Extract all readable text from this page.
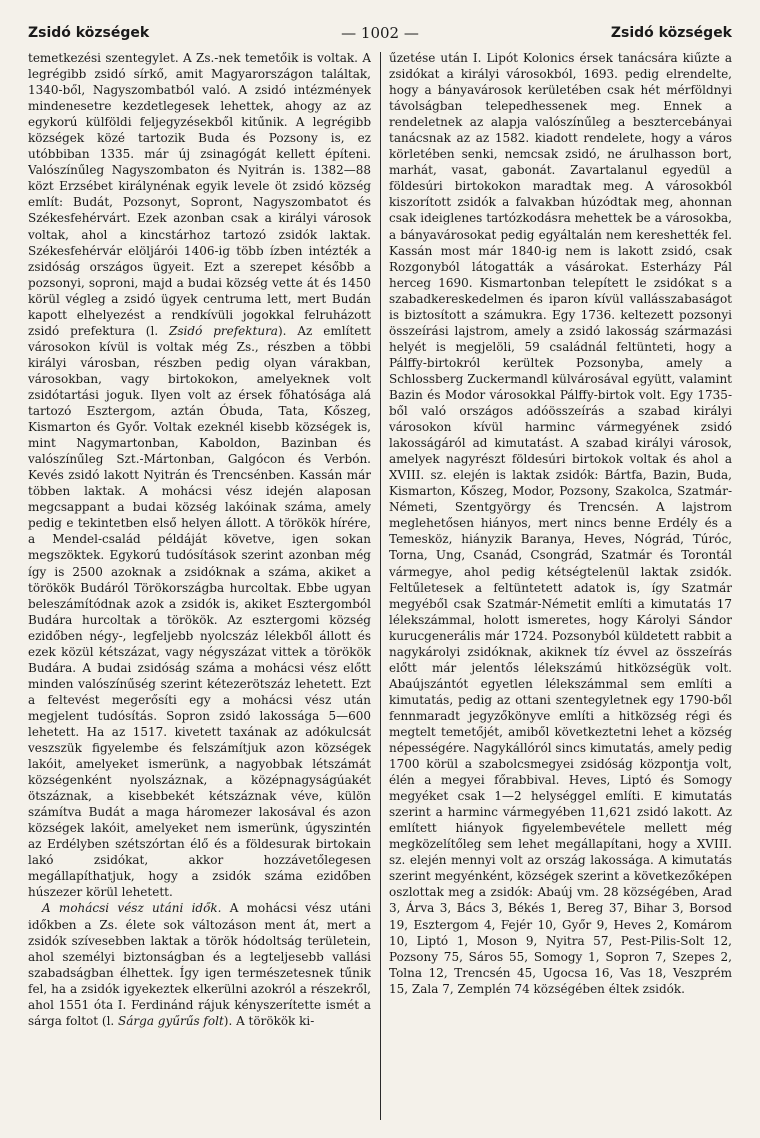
Zsidó községek	— 1002 —	Zsidó községek

temetkezési szentegylet. A Zs.-nek temetőik is voltak. A legrégibb zsidó sírkő, amit Magyarországon találtak, 1340-ből, Nagyszombatból való. A zsidó intézmények mindenesetre kezdetlegesek lehettek, ahogy az az egykorú külföldi feljegyzésekből kitűnik. A legrégibb községek közé tartozik Buda és Pozsony is, ez utóbbiban 1335. már új zsinagógát kellett építeni. Valószínűleg Nagyszombaton és Nyitrán is. 1382—88 közt Erzsébet királynénak egyik levele öt zsidó község említ: Budát, Pozsonyt, Sopront, Nagyszombatot és Székesfehérvárt. Ezek azonban csak a királyi városok voltak, ahol a kincstárhoz tartozó zsidók laktak. Székesfehérvár elöljárói 1406-ig több ízben intézték a zsidóság országos ügyeit. Ezt a szerepet később a pozsonyi, soproni, majd a budai község vette át és 1450 körül végleg a zsidó ügyek centruma lett, mert Budán kapott elhelyezést a rendkívüli jogokkal felruházott zsidó prefektura (l. Zsidó prefektura). Az említett városokon kívül is voltak még Zs., részben a többi királyi városban, részben pedig olyan várakban, városokban, vagy birtokokon, amelyeknek volt zsidótartási joguk. Ilyen volt az érsek főhatósága alá tartozó Esztergom, aztán Óbuda, Tata, Kőszeg, Kismarton és Győr. Voltak ezeknél kisebb községek is, mint Nagymartonban, Kaboldon, Bazinban és valószínűleg Szt.-Mártonban, Galgócon és Verbón. Kevés zsidó lakott Nyitrán és Trencsénben. Kassán már többen laktak. A mohácsi vész idején alaposan megcsappant a budai község lakóinak száma, amely pedig e tekintetben első helyen állott. A törökök hírére, a Mendel-család példáját követve, igen sokan megszöktek. Egykorú tudósítások szerint azonban még így is 2500 azoknak a zsidóknak a száma, akiket a törökök Budáról Törökországba hurcoltak. Ebbe ugyan beleszámítódnak azok a zsidók is, akiket Esztergomból Budára hurcoltak a törökök. Az esztergomi község ezidőben négy-, legfeljebb nyolcszáz lélekből állott és ezek közül kétszázat, vagy négyszázat vittek a törökök Budára. A budai zsidóság száma a mohácsi vész előtt minden valószínűség szerint kétezerötszáz lehetett. Ezt a feltevést megerősíti egy a mohácsi vész után megjelent tudósítás. Sopron zsidó lakossága 5—600 lehetett. Ha az 1517. kivetett taxának az adókulcsát veszszük figyelembe és felszámítjuk azon községek lakóit, amelyeket ismerünk, a nagyobbak létszámát községenként nyolszáznak, a középnagyságúakét ötszáznak, a kisebbekét kétszáznak véve, külön számítva Budát a maga háromezer lakosával és azon községek lakóit, amelyeket nem ismerünk, úgyszintén az Erdélyben szétszórtan élő és a földesurak birtokain lakó zsidókat, akkor hozzávetőlegesen megállapíthatjuk, hogy a zsidók száma ezidőben húszezer körül lehetett.

A mohácsi vész utáni idők. A mohácsi vész utáni időkben a Zs. élete sok változáson ment át, mert a zsidók szívesebben laktak a török hódoltság területein, ahol személyi biztonságban és a legteljesebb vallási szabadságban élhettek. Így igen természetesnek tűnik fel, ha a zsidók igyekeztek elkerülni azokról a részekről, ahol 1551 óta I. Ferdinánd rájuk kényszerítette ismét a sárga foltot (l. Sárga gyűrűs folt). A törökök ki-

űzetése után I. Lipót Kolonics érsek tanácsára kiűzte a zsidókat a királyi városokból, 1693. pedig elrendelte, hogy a bányavárosok kerületében csak hét mérföldnyi távolságban telepedhessenek meg. Ennek a rendeletnek az alapja valószínűleg a besztercebányai tanácsnak az az 1582. kiadott rendelete, hogy a város körletében senki, nemcsak zsidó, ne árulhasson bort, marhát, vasat, gabonát. Zavartalanul egyedül a földesúri birtokokon maradtak meg. A városokból kiszorított zsidók a falvakban húzódtak meg, ahonnan csak ideiglenes tartózkodásra mehettek be a városokba, a bányavárosokat pedig egyáltalán nem kereshették fel. Kassán most már 1840-ig nem is lakott zsidó, csak Rozgonyból látogatták a vásárokat. Esterházy Pál herceg 1690. Kismartonban telepített le zsidókat s a szabadkereskedelmen és iparon kívül vallásszabaságot is biztosított a számukra. Egy 1736. keltezett pozsonyi összeírási lajstrom, amely a zsidó lakosság származási helyét is megjelöli, 59 családnál feltünteti, hogy a Pálffy-birtokról kerültek Pozsonyba, amely a Schlossberg Zuckermandl külvárosával együtt, valamint Bazin és Modor városokkal Pálffy-birtok volt. Egy 1735-ből való országos adóösszeírás a szabad királyi városokon kívül harminc vármegyének zsidó lakosságáról ad kimutatást. A szabad királyi városok, amelyek nagyrészt földesúri birtokok voltak és ahol a XVIII. sz. elején is laktak zsidók: Bártfa, Bazin, Buda, Kismarton, Kőszeg, Modor, Pozsony, Szakolca, Szatmár-Németi, Szentgyörgy és Trencsén. A lajstrom meglehetősen hiányos, mert nincs benne Erdély és a Temesköz, hiányzik Baranya, Heves, Nógrád, Túróc, Torna, Ung, Csanád, Csongrád, Szatmár és Torontál vármegye, ahol pedig kétségtelenül laktak zsidók. Feltűletesek a feltüntetett adatok is, így Szatmár megyéből csak Szatmár-Németit említi a kimutatás 17 lélekszámmal, holott ismeretes, hogy Károlyi Sándor kurucgenerális már 1724. Pozsonyból küldetett rabbit a nagykárolyi zsidóknak, akiknek tíz évvel az összeírás előtt már jelentős lélekszámú hitközségük volt. Abaújszántót egyetlen lélekszámmal sem említi a kimutatás, pedig az ottani szentegyletnek egy 1790-ből fennmaradt jegyzőkönyve említi a hitközség régi és megtelt temetőjét, amiből következtetni lehet a község népességére. Nagykállóról sincs kimutatás, amely pedig 1700 körül a szabolcsmegyei zsidóság központja volt, élén a megyei főrabbival. Heves, Liptó és Somogy megyéket csak 1—2 helységgel említi. E kimutatás szerint a harminc vármegyében 11,621 zsidó lakott. Az említett hiányok figyelembevétele mellett még megközelítőleg sem lehet megállapítani, hogy a XVIII. sz. elején mennyi volt az ország lakossága. A kimutatás szerint megyénként, községek szerint a következőképen oszlottak meg a zsidók: Abaúj vm. 28 községében, Arad 3, Árva 3, Bács 3, Békés 1, Bereg 37, Bihar 3, Borsod 19, Esztergom 4, Fejér 10, Győr 9, Heves 2, Komárom 10, Liptó 1, Moson 9, Nyitra 57, Pest-Pilis-Solt 12, Pozsony 75, Sáros 55, Somogy 1, Sopron 7, Szepes 2, Tolna 12, Trencsén 45, Ugocsa 16, Vas 18, Veszprém 15, Zala 7, Zemplén 74 községében éltek zsidók.
